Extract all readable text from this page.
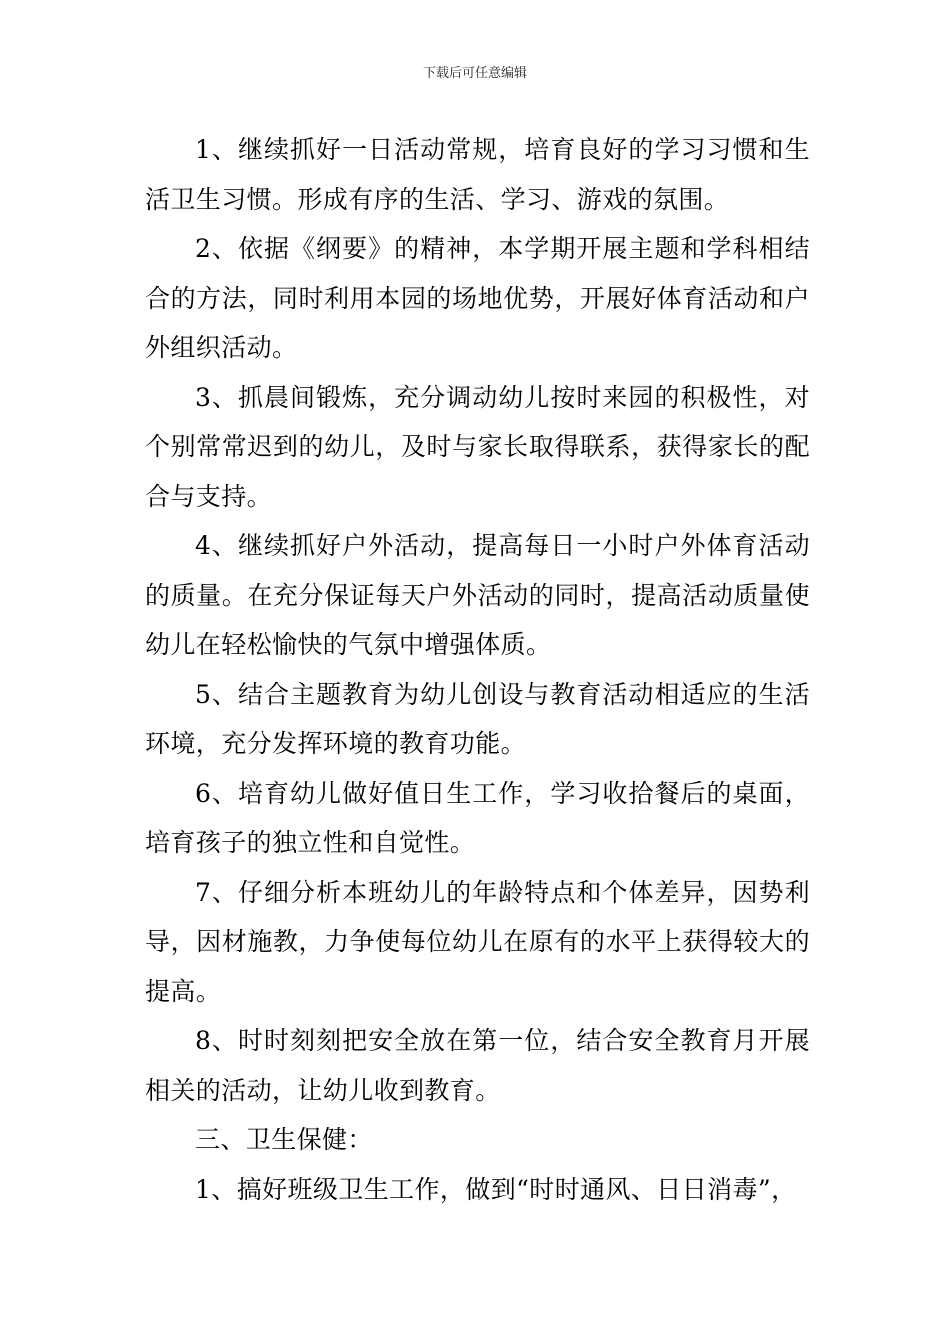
下载后可任意编辑

1、继续抓好一日活动常规，培育良好的学习习惯和生活卫生习惯。形成有序的生活、学习、游戏的氛围。

2、依据《纲要》的精神，本学期开展主题和学科相结合的方法，同时利用本园的场地优势，开展好体育活动和户外组织活动。

3、抓晨间锻炼，充分调动幼儿按时来园的积极性，对个别常常迟到的幼儿，及时与家长取得联系，获得家长的配合与支持。

4、继续抓好户外活动，提高每日一小时户外体育活动的质量。在充分保证每天户外活动的同时，提高活动质量使幼儿在轻松愉快的气氛中增强体质。

5、结合主题教育为幼儿创设与教育活动相适应的生活环境，充分发挥环境的教育功能。

6、培育幼儿做好值日生工作，学习收拾餐后的桌面，培育孩子的独立性和自觉性。

7、仔细分析本班幼儿的年龄特点和个体差异，因势利导，因材施教，力争使每位幼儿在原有的水平上获得较大的提高。

8、时时刻刻把安全放在第一位，结合安全教育月开展相关的活动，让幼儿收到教育。

三、卫生保健：

1、搞好班级卫生工作，做到“时时通风、日日消毒”，
